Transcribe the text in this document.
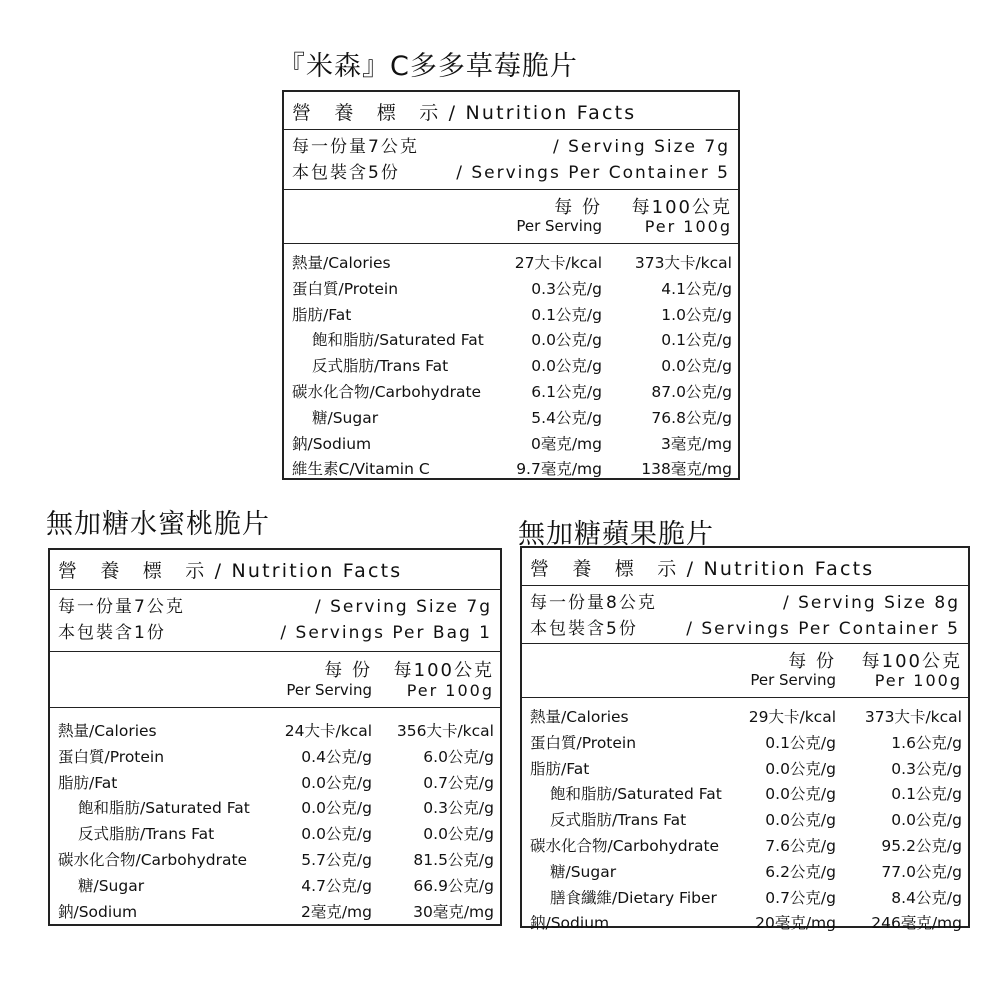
『米森』C多多草莓脆片
營　養　標　示 / Nutrition Facts
每一份量7公克	/ Serving Size 7g
本包裝含5份	/ Servings Per Container 5
每 份
Per Serving
每100公克
Per 100g
熱量/Calories	27大卡/kcal 373大卡/kcal
蛋白質/Protein	0.3公克/g	4.1公克/g
脂肪/Fat	0.1公克/g	1.0公克/g
飽和脂肪/Saturated Fat	0.0公克/g	0.1公克/g
反式脂肪/Trans Fat	0.0公克/g	0.0公克/g
碳水化合物/Carbohydrate	6.1公克/g	87.0公克/g
糖/Sugar	5.4公克/g	76.8公克/g
鈉/Sodium	0毫克/mg	3毫克/mg
維生素C/Vitamin C	9.7毫克/mg	138毫克/mg
無加糖水蜜桃脆片
營　養　標　示 / Nutrition Facts
每一份量7公克	/ Serving Size 7g
本包裝含1份	/ Servings Per Bag 1
每 份
Per Serving
每100公克
Per 100g
熱量/Calories	24大卡/kcal 356大卡/kcal
蛋白質/Protein	0.4公克/g	6.0公克/g
脂肪/Fat	0.0公克/g	0.7公克/g
飽和脂肪/Saturated Fat	0.0公克/g	0.3公克/g
反式脂肪/Trans Fat	0.0公克/g	0.0公克/g
碳水化合物/Carbohydrate	5.7公克/g	81.5公克/g
糖/Sugar	4.7公克/g	66.9公克/g
鈉/Sodium	2毫克/mg	30毫克/mg
無加糖蘋果脆片
營　養　標　示 / Nutrition Facts
每一份量8公克	/ Serving Size 8g
本包裝含5份	/ Servings Per Container 5
每 份
Per Serving
每100公克
Per 100g
熱量/Calories	29大卡/kcal 373大卡/kcal
蛋白質/Protein	0.1公克/g	1.6公克/g
脂肪/Fat	0.0公克/g	0.3公克/g
飽和脂肪/Saturated Fat	0.0公克/g	0.1公克/g
反式脂肪/Trans Fat	0.0公克/g	0.0公克/g
碳水化合物/Carbohydrate	7.6公克/g	95.2公克/g
糖/Sugar	6.2公克/g	77.0公克/g
膳食纖維/Dietary Fiber	0.7公克/g	8.4公克/g
鈉/Sodium	20毫克/mg 246毫克/mg
